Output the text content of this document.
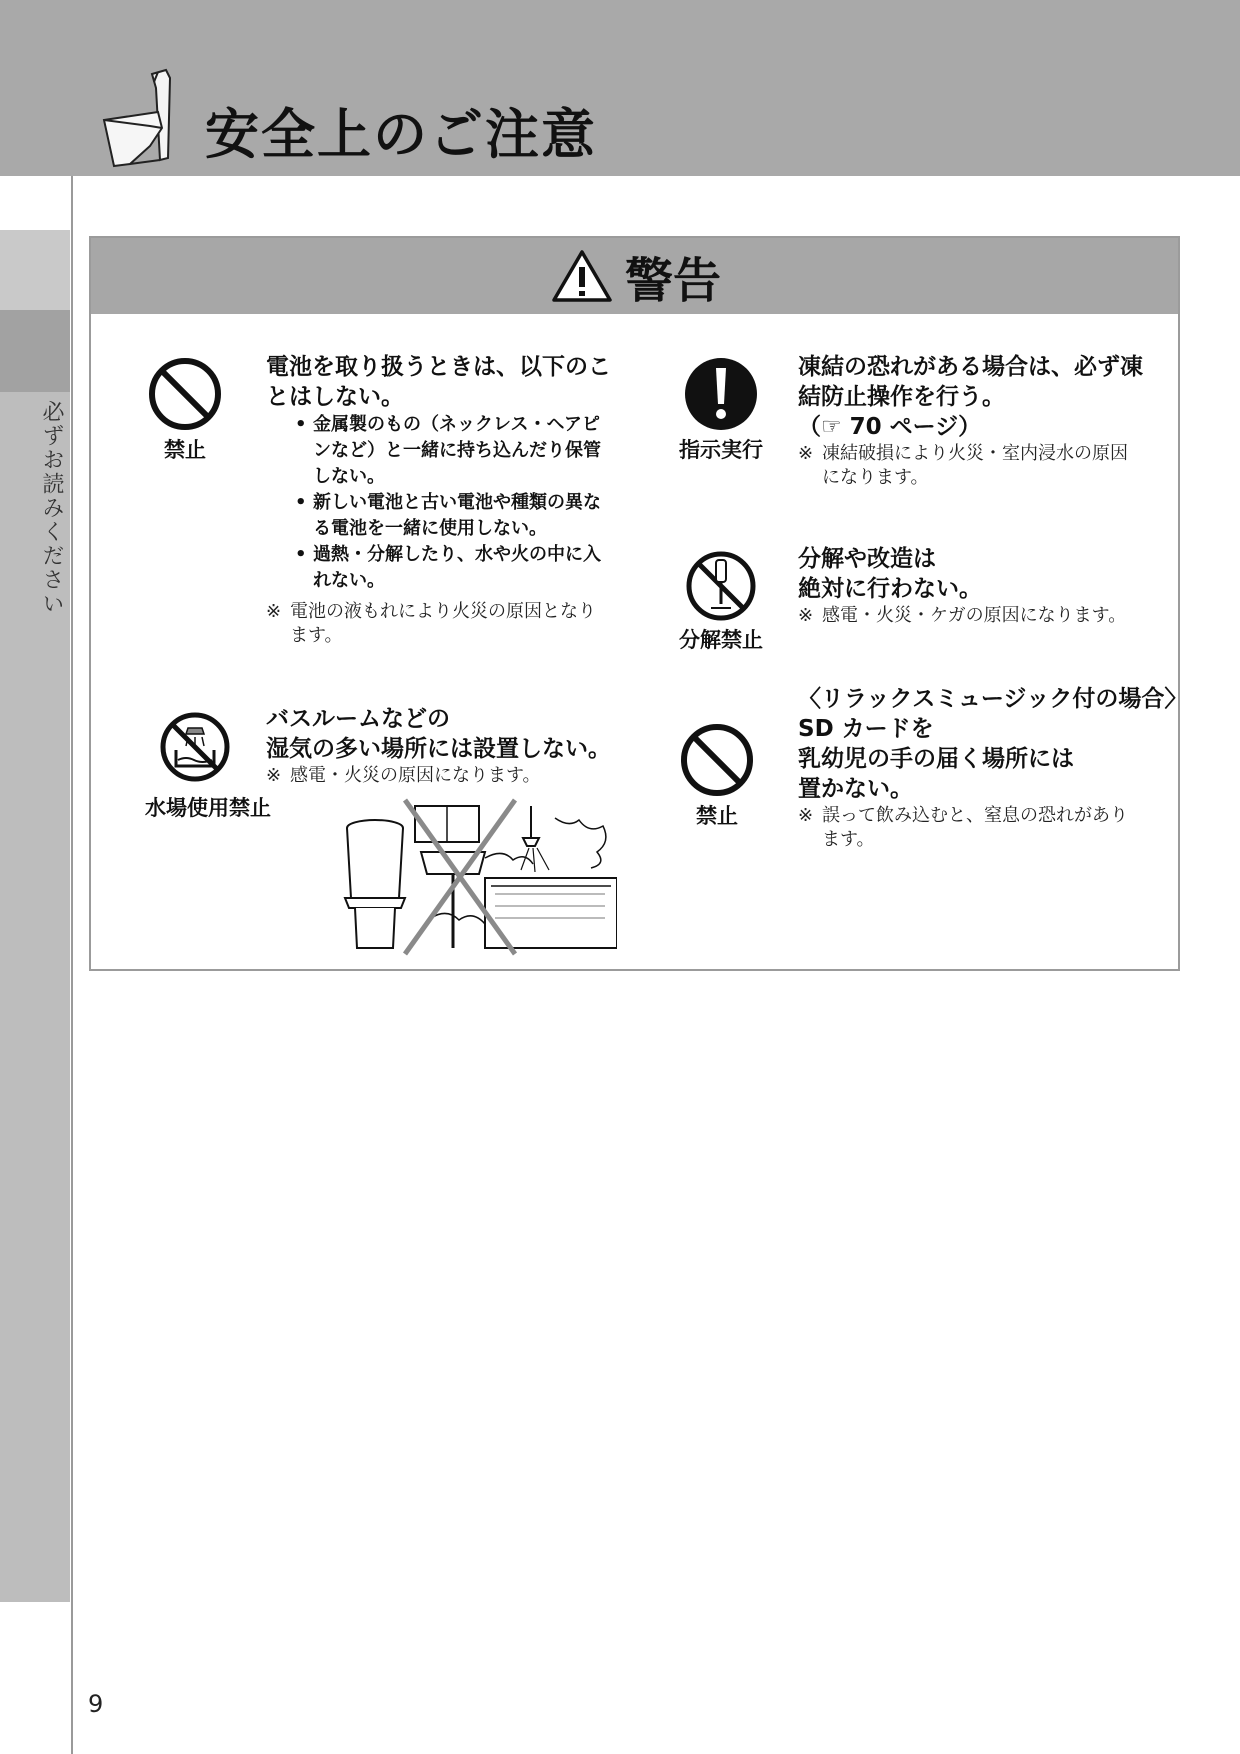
安全上のご注意
必ずお読みください
9
警告
禁止
電池を取り扱うときは、以下のこ
とはしない。
• 金属製のもの（ネックレス・ヘアピ
ンなど）と一緒に持ち込んだり保管
しない。
• 新しい電池と古い電池や種類の異な
る電池を一緒に使用しない。
• 過熱・分解したり、水や火の中に入
れない。
※ 電池の液もれにより火災の原因となり
ます。
指示実行
凍結の恐れがある場合は、必ず凍
結防止操作を行う。
（☞ 70 ページ）
※ 凍結破損により火災・室内浸水の原因
になります。
分解禁止
分解や改造は
絶対に行わない。
※ 感電・火災・ケガの原因になります。
水場使用禁止
バスルームなどの
湿気の多い場所には設置しない。
※ 感電・火災の原因になります。
禁止
〈リラックスミュージック付の場合〉
SD カードを
乳幼児の手の届く場所には
置かない。
※ 誤って飲み込むと、窒息の恐れがあり
ます。
